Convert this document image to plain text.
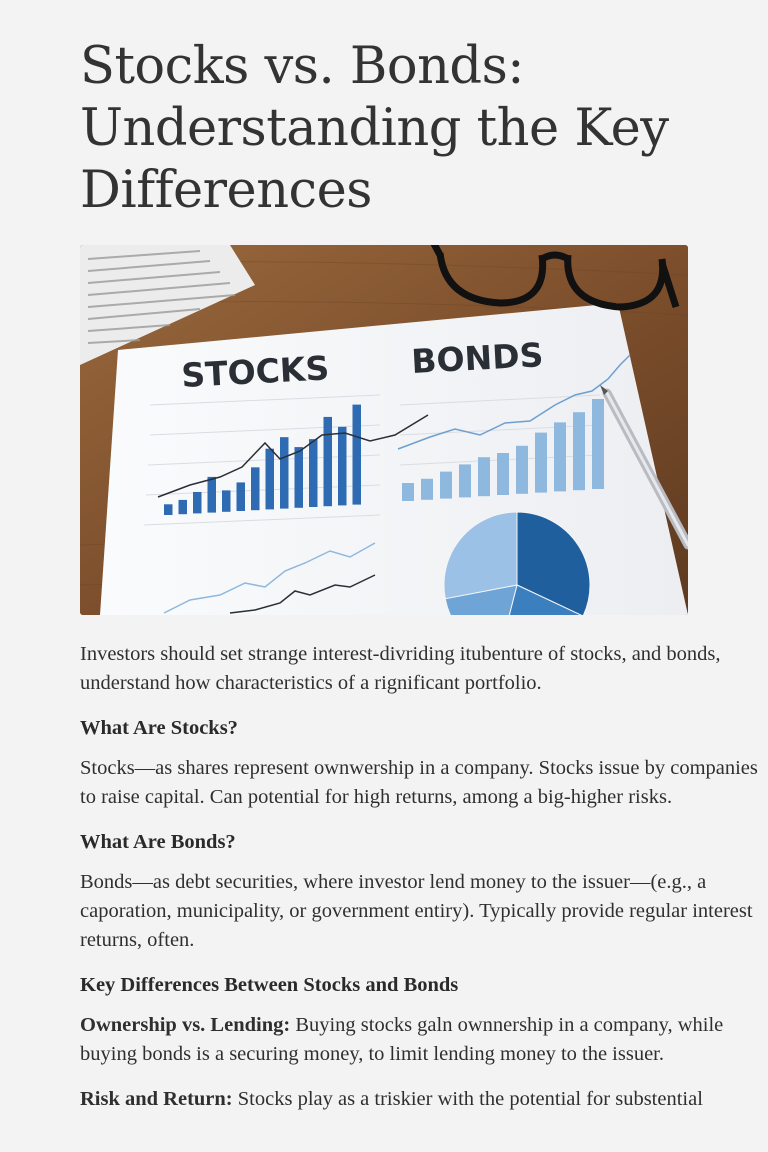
Stocks vs. Bonds: Understanding the Key Differences
STOCKS BONDS

Investors should set strange interest-divriding itubenture of stocks, and bonds, understand how characteristics of a rignificant portfolio.

What Are Stocks?

Stocks—as shares represent ownwership in a company. Stocks issue by companies to raise capital. Can potential for high returns, among a big-higher risks.

What Are Bonds?

Bonds—as debt securities, where investor lend money to the issuer—(e.g., a caporation, municipality, or government entiry). Typically provide regular interest returns, often.

Key Differences Between Stocks and Bonds

Ownership vs. Lending: Buying stocks galn ownnership in a company, while buying bonds is a securing money, to limit lending money to the issuer.

Risk and Return: Stocks play as a triskier with the potential for substential
